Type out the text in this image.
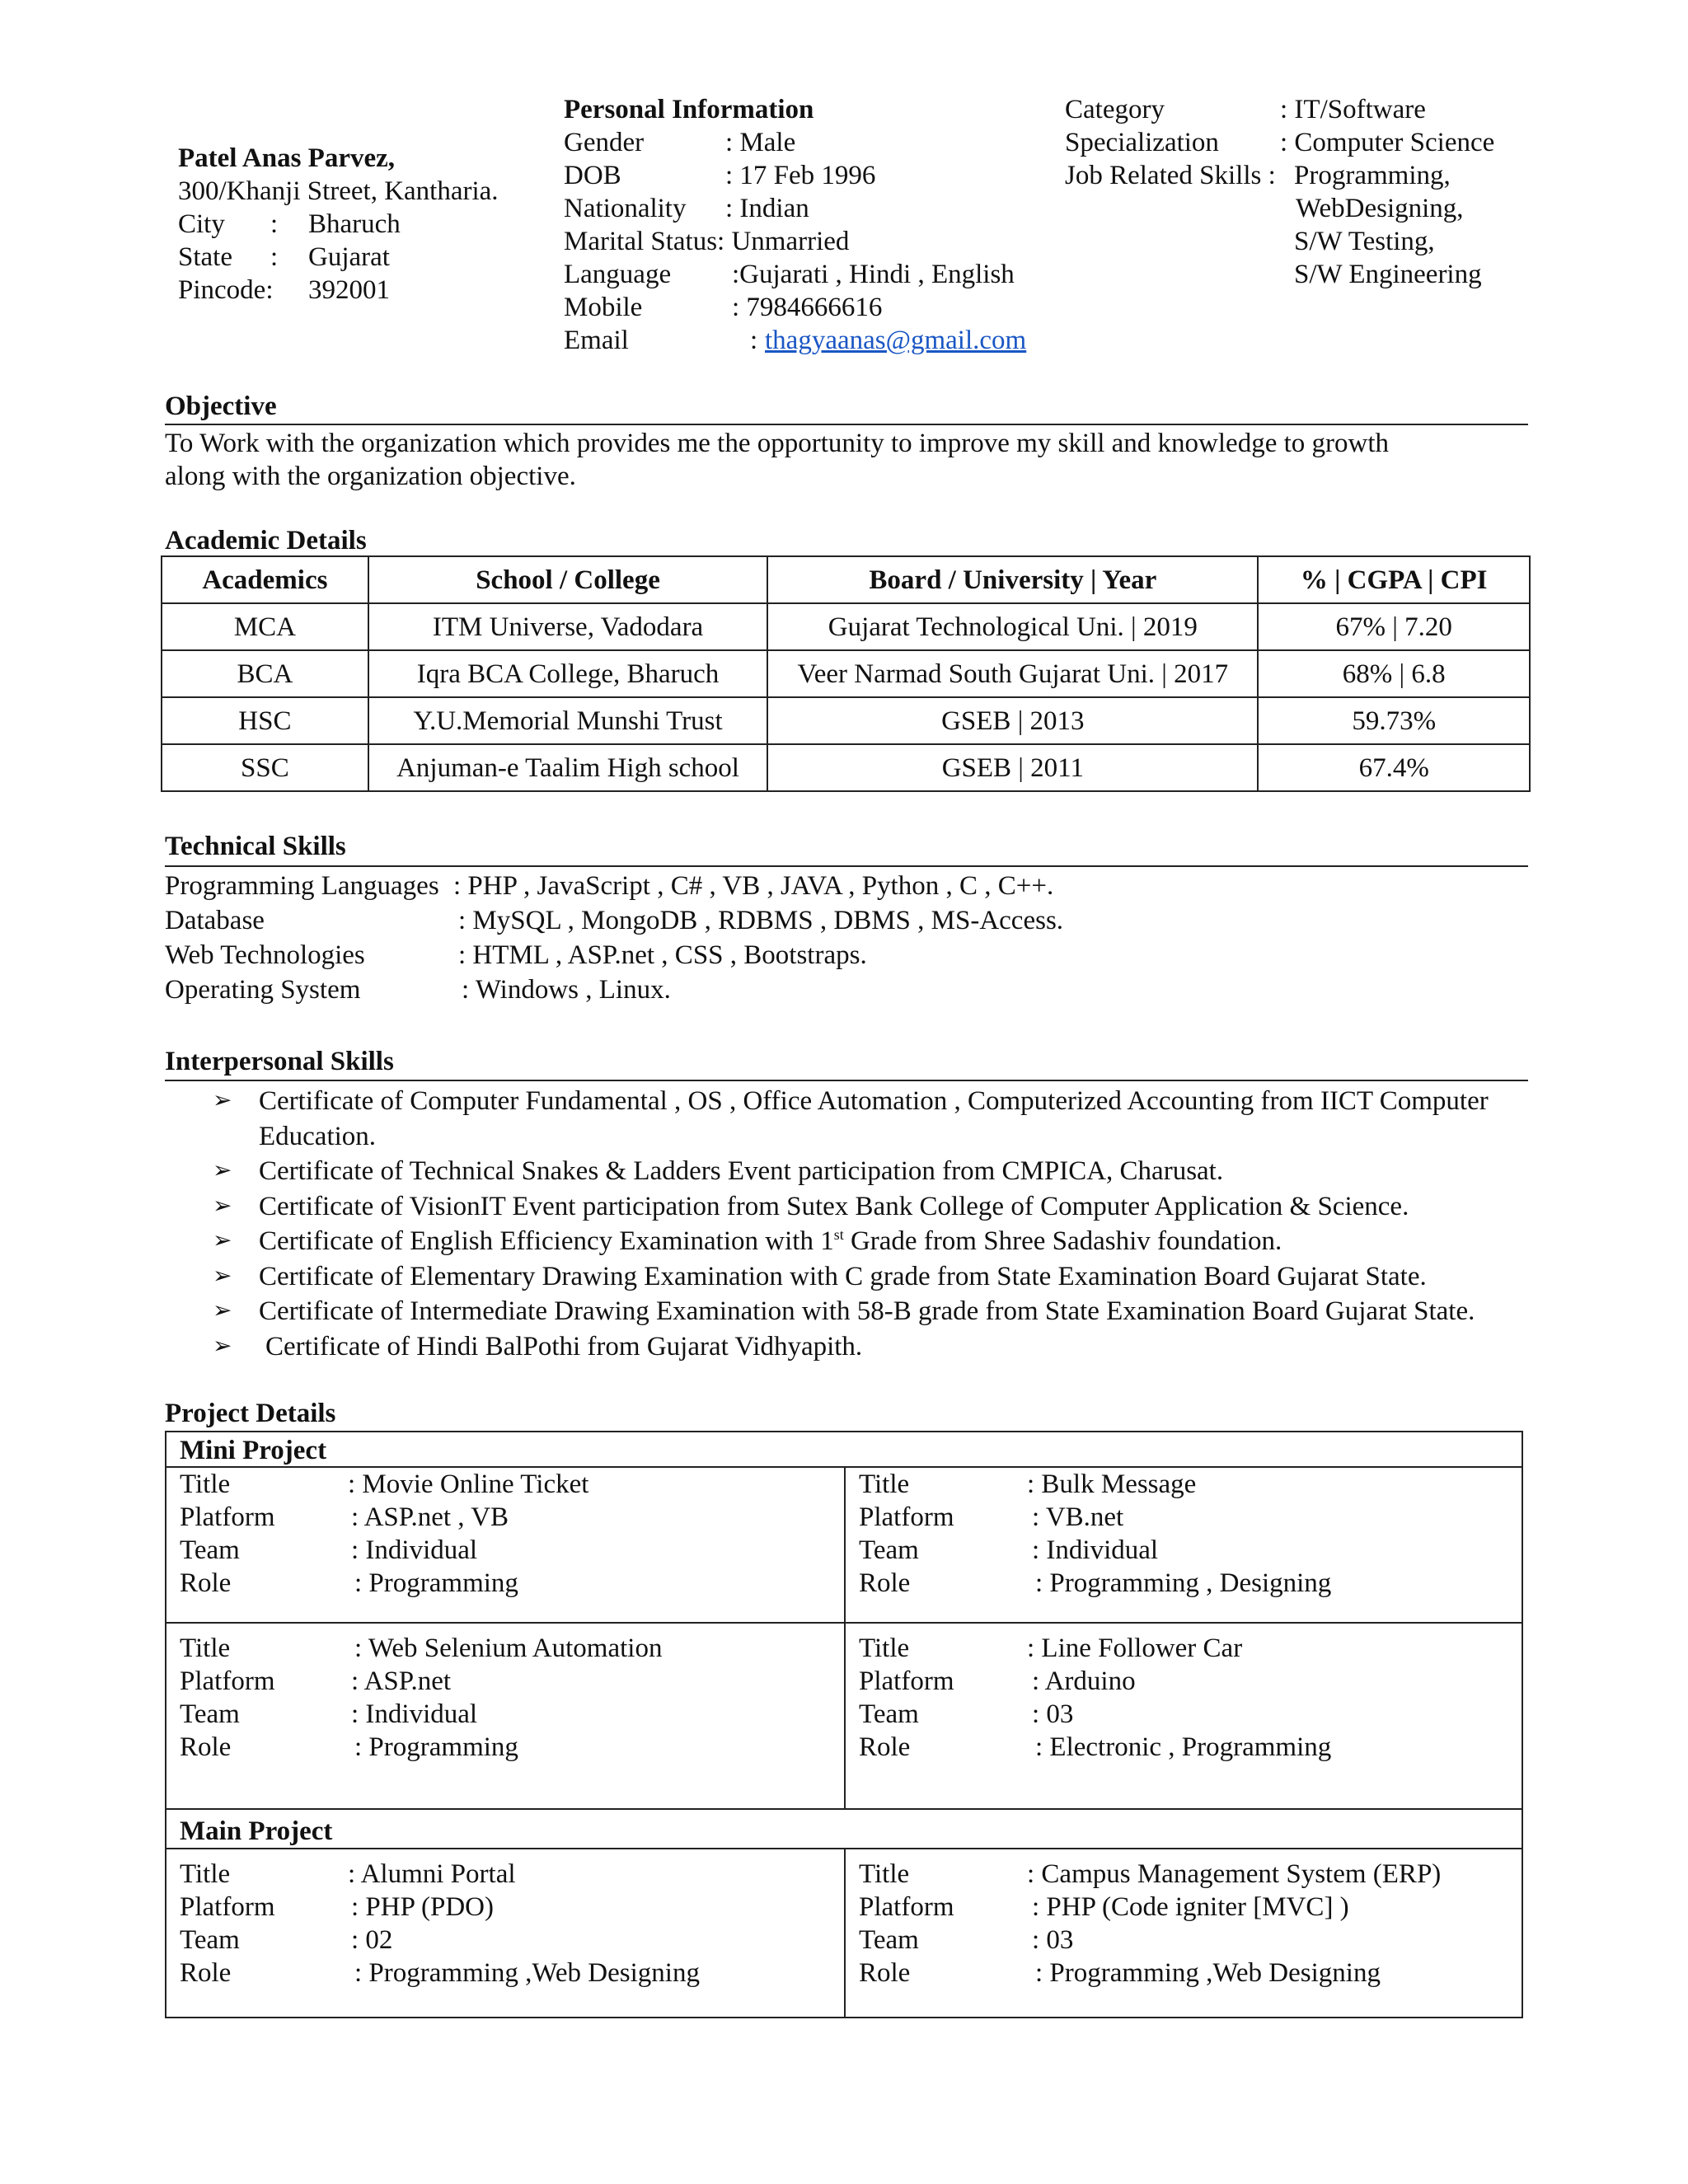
Patel Anas Parvez,
300/Khanji Street, Kantharia.
City : Bharuch
State : Gujarat
Pincode: 392001
Personal Information
Gender	: Male
DOB	: 17 Feb 1996
Nationality : Indian
Marital Status: Unmarried
Language :Gujarati , Hindi , English
Mobile	: 7984666616
Email	: thagyaanas@gmail.com
Category	: IT/Software
Specialization : Computer Science
Job Related Skills : Programming,
WebDesigning,
S/W Testing,
S/W Engineering
Objective
To Work with the organization which provides me the opportunity to improve my skill and knowledge to growth
along with the organization objective.
Academic Details
Academics	School / College	Board / University | Year	% | CGPA | CPI
MCA	ITM Universe, Vadodara	Gujarat Technological Uni. | 2019	67% | 7.20
BCA	Iqra BCA College, Bharuch	Veer Narmad South Gujarat Uni. | 2017	68% | 6.8
HSC	Y.U.Memorial Munshi Trust	GSEB | 2013	59.73%
SSC	Anjuman-e Taalim High school	GSEB | 2011	67.4%
Technical Skills
Programming Languages : PHP , JavaScript , C# , VB , JAVA , Python , C , C++.
Database	: MySQL , MongoDB , RDBMS , DBMS , MS-Access.
Web Technologies	: HTML , ASP.net , CSS , Bootstraps.
Operating System	: Windows , Linux.
Interpersonal Skills
➢ Certificate of Computer Fundamental , OS , Office Automation , Computerized Accounting from IICT Computer Education.
➢ Certificate of Technical Snakes & Ladders Event participation from CMPICA, Charusat.
➢ Certificate of VisionIT Event participation from Sutex Bank College of Computer Application & Science.
➢ Certificate of English Efficiency Examination with 1st Grade from Shree Sadashiv foundation.
➢ Certificate of Elementary Drawing Examination with C grade from State Examination Board Gujarat State.
➢ Certificate of Intermediate Drawing Examination with 58-B grade from State Examination Board Gujarat State.
➢ Certificate of Hindi BalPothi from Gujarat Vidhyapith.
Project Details
Mini Project
Title	: Movie Online Ticket
Platform	: ASP.net , VB
Team	: Individual
Role	: Programming
Title	: Bulk Message
Platform	: VB.net
Team	: Individual
Role	: Programming , Designing
Title	: Web Selenium Automation
Platform	: ASP.net
Team	: Individual
Role	: Programming
Title	: Line Follower Car
Platform	: Arduino
Team	: 03
Role	: Electronic , Programming
Main Project
Title	: Alumni Portal
Platform	: PHP (PDO)
Team	: 02
Role	: Programming ,Web Designing
Title	: Campus Management System (ERP)
Platform	: PHP (Code igniter [MVC] )
Team	: 03
Role	: Programming ,Web Designing
